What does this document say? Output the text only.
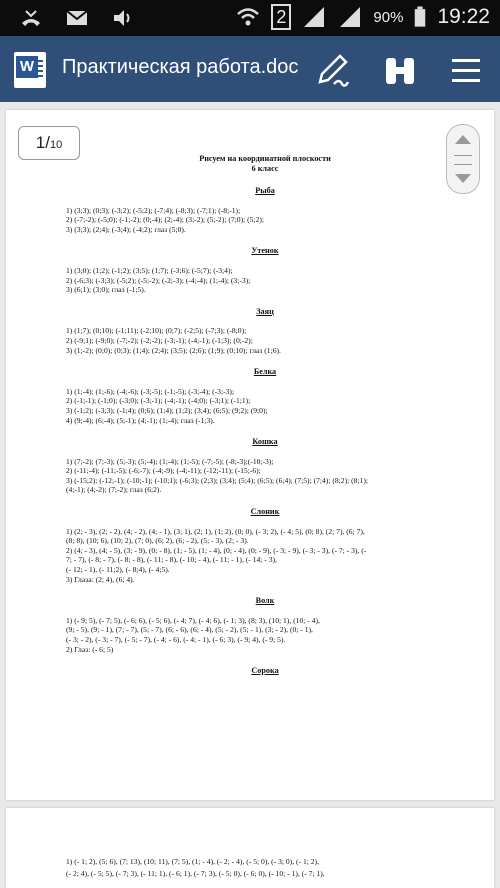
2	90% 19:22
W Практическая работа.doc
1/10
Рисуем на координатной плоскости
6 класс
Рыба
1) (3;3); (0;3); (-3;2); (-5;2); (-7;4); (-8;3); (-7;1); (-8;-1);
2) (-7;-2); (-5;0); (-1;-2); (0;-4); (2;-4); (3;-2); (5;-2); (7;0); (5;2);
3) (3;3); (2;4); (-3;4); (-4;2); глаз (5;0).
Утенок
1) (3;0); (1;2); (-1;2); (3;5); (1;7); (-3;6); (-5;7); (-3;4);
2) (-6;3); (-3;3); (-5;2); (-5;-2); (-2;-3); (-4;-4); (1;-4); (3;-3);
3) (6;1); (3;0); глаз (-1;5).
Заяц
1) (1;7); (0;10); (-1;11); (-2;10); (0;7); (-2;5); (-7;3); (-8;0);
2) (-9;1); (-9;0); (-7;-2); (-2;-2); (-3;-1); (-4;-1); (-1;3); (0;-2);
3) (1;-2); (0;0); (0;3); (1;4); (2;4); (3;5); (2;6); (1;9); (0;10); глаз (1;6).
Белка
1) (1;-4); (1;-6); (-4;-6); (-3;-5); (-1;-5); (-3;-4); (-3;-3);
2) (-1;-1); (-1;0); (-3;0); (-3;-1); (-4;-1); (-4;0); (-3;1); (-1;1);
3) (-1;2); (-3;3); (-1;4); (0;6); (1;4); (1;2); (3;4); (6;5); (9;2); (9;0);
4) (9;-4); (6;-4); (5;-1); (4;-1); (1;-4); глаз (-1;3).
Кошка
1) (7;-2); (7;-3); (5;-3); (5;-4); (1;-4); (1;-5); (-7;-5); (-8;-3);(-10;-3);
2) (-11;-4); (-11;-5); (-6;-7); (-4;-9); (-4;-11); (-12;-11); (-15;-6);
3) (-15;2); (-12;-1); (-10;-1); (-10;1); (-6;3); (2;3); (3;4); (5;4); (6;5); (6;4); (7;5); (7;4); (8;2); (8;1);
(4;-1); (4;-2); (7;-2); глаз (6;2).
Слоник
1) (2; - 3), (2; - 2), (4; - 2), (4; - 1), (3; 1), (2; 1), (1; 2), (0; 0), (- 3; 2), (- 4; 5), (0; 8), (2; 7), (6; 7),
(8; 8), (10; 6), (10; 2), (7; 0), (6; 2), (6; - 2), (5; - 3), (2; - 3).
2) (4; - 3), (4; - 5), (3; - 9), (0; - 8), (1; - 5), (1; - 4), (0; - 4), (0; - 9), (- 3; - 9), (- 3; - 3), (- 7; - 3), (-
7; - 7), (- 8; - 7), (- 8; - 8), (- 11; - 8), (- 10; - 4), (- 11; - 1), (- 14; - 3),
(- 12; - 1), (- 11;2), (- 8;4), (- 4;5).
3) Глаза: (2; 4), (6; 4).
Волк
1) (- 9; 5), (- 7; 5), (- 6; 6), (- 5; 6), (- 4; 7), (- 4; 6), (- 1; 3), (8; 3), (10; 1), (10; - 4),
(9; - 5), (9; - 1), (7; - 7), (5; - 7), (6; - 6), (6; - 4), (5; - 2), (5; - 1), (3; - 2), (0; - 1),
(- 3; - 2), (- 3; - 7), (- 5; - 7), (- 4; - 6), (- 4; - 1), (- 6; 3), (- 9; 4), (- 9; 5).
2) Глаз: (- 6; 5)
Сорока
1) (- 1; 2), (5; 6), (7; 13), (10; 11), (7; 5), (1; - 4), (- 2; - 4), (- 5; 0), (- 3; 0), (- 1; 2),
(- 2; 4), (- 5; 5), (- 7; 3), (- 11; 1), (- 6; 1), (- 7; 3), (- 5; 0), (- 6; 0), (- 10; - 1), (- 7; 1),
